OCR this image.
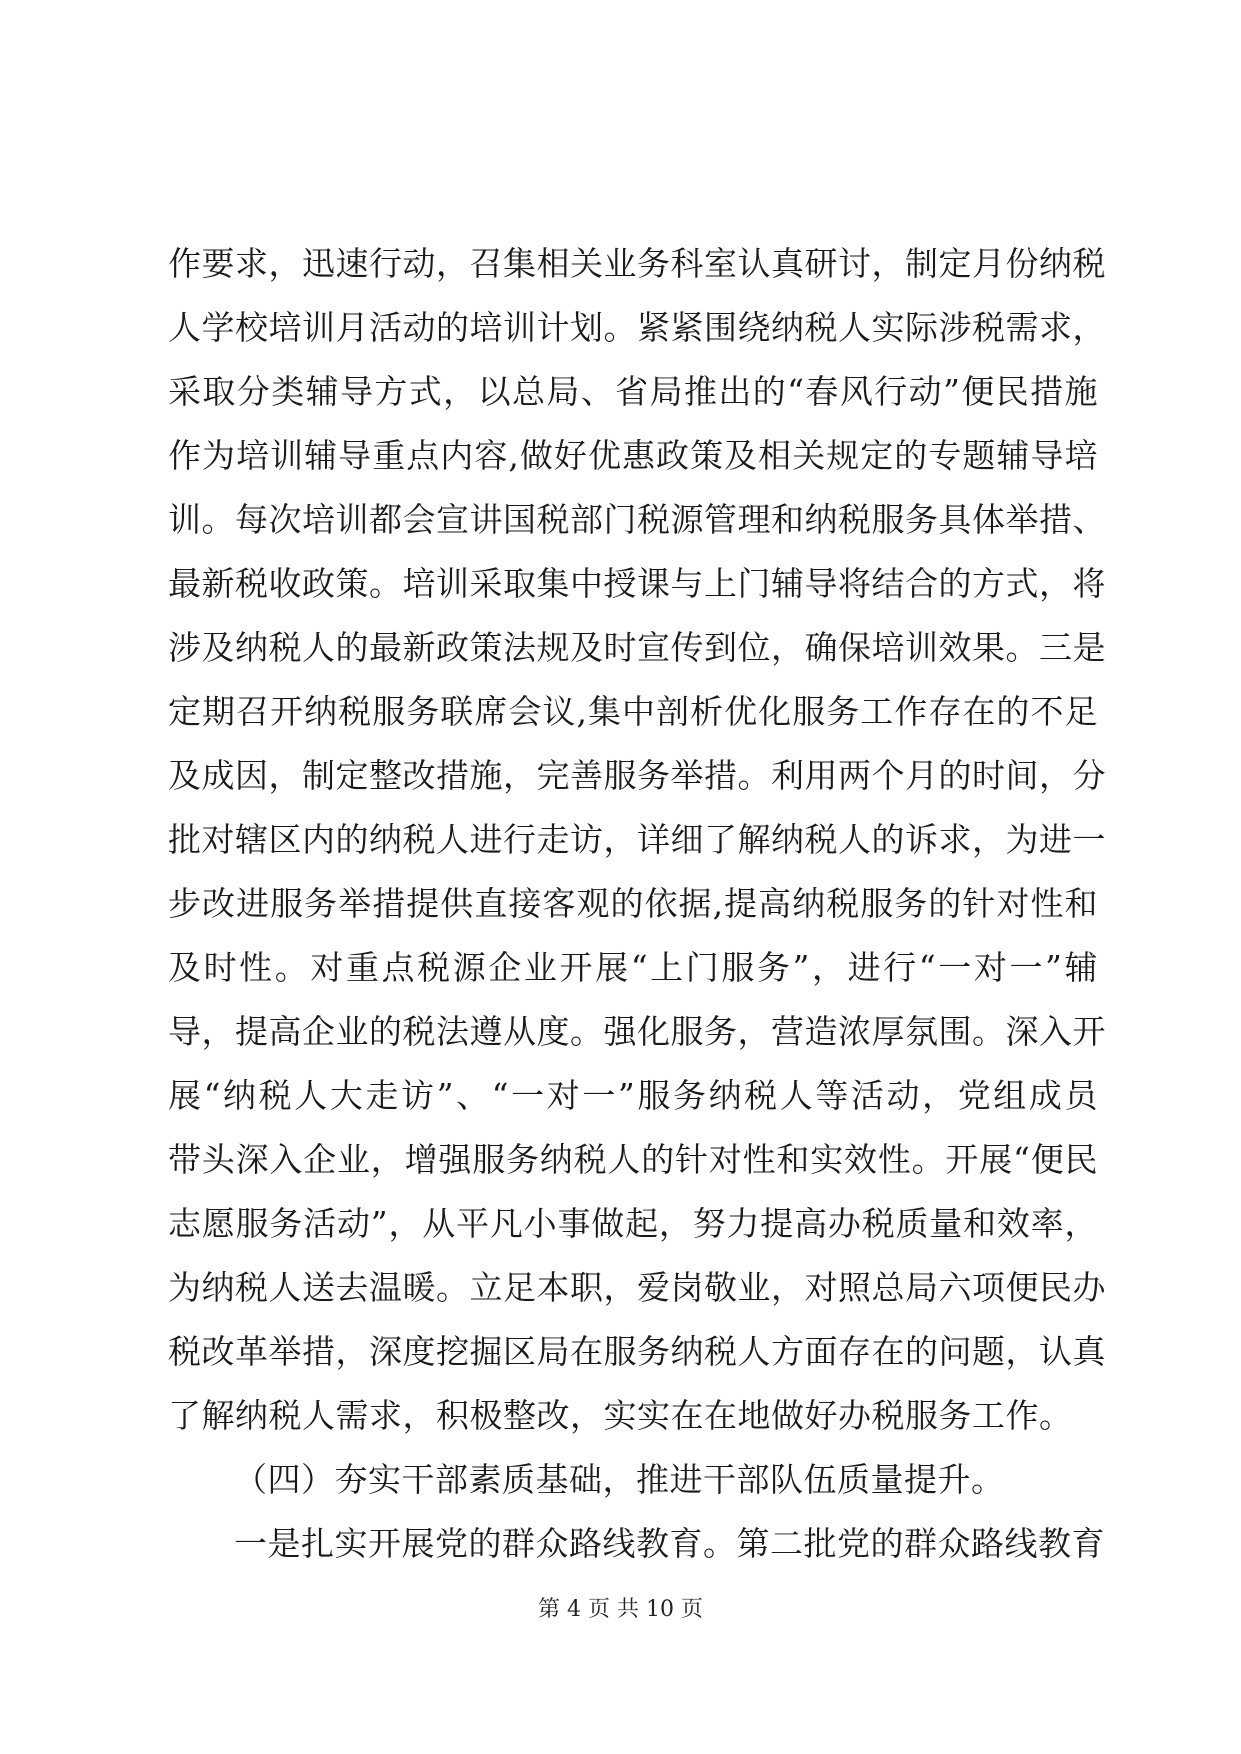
作要求，迅速行动，召集相关业务科室认真研讨，制定月份纳税
人学校培训月活动的培训计划。紧紧围绕纳税人实际涉税需求，
采取分类辅导方式，以总局、省局推出的“春风行动”便民措施
作为培训辅导重点内容,做好优惠政策及相关规定的专题辅导培
训。每次培训都会宣讲国税部门税源管理和纳税服务具体举措、
最新税收政策。培训采取集中授课与上门辅导将结合的方式，将
涉及纳税人的最新政策法规及时宣传到位，确保培训效果。三是
定期召开纳税服务联席会议,集中剖析优化服务工作存在的不足
及成因，制定整改措施，完善服务举措。利用两个月的时间，分
批对辖区内的纳税人进行走访，详细了解纳税人的诉求，为进一
步改进服务举措提供直接客观的依据,提高纳税服务的针对性和
及时性。对重点税源企业开展“上门服务”，进行“一对一”辅
导，提高企业的税法遵从度。强化服务，营造浓厚氛围。深入开
展“纳税人大走访”、“一对一”服务纳税人等活动，党组成员
带头深入企业，增强服务纳税人的针对性和实效性。开展“便民
志愿服务活动”，从平凡小事做起，努力提高办税质量和效率，
为纳税人送去温暖。立足本职，爱岗敬业，对照总局六项便民办
税改革举措，深度挖掘区局在服务纳税人方面存在的问题，认真
了解纳税人需求，积极整改，实实在在地做好办税服务工作。
（四）夯实干部素质基础，推进干部队伍质量提升。
一是扎实开展党的群众路线教育。第二批党的群众路线教育
第 4 页 共 10 页
